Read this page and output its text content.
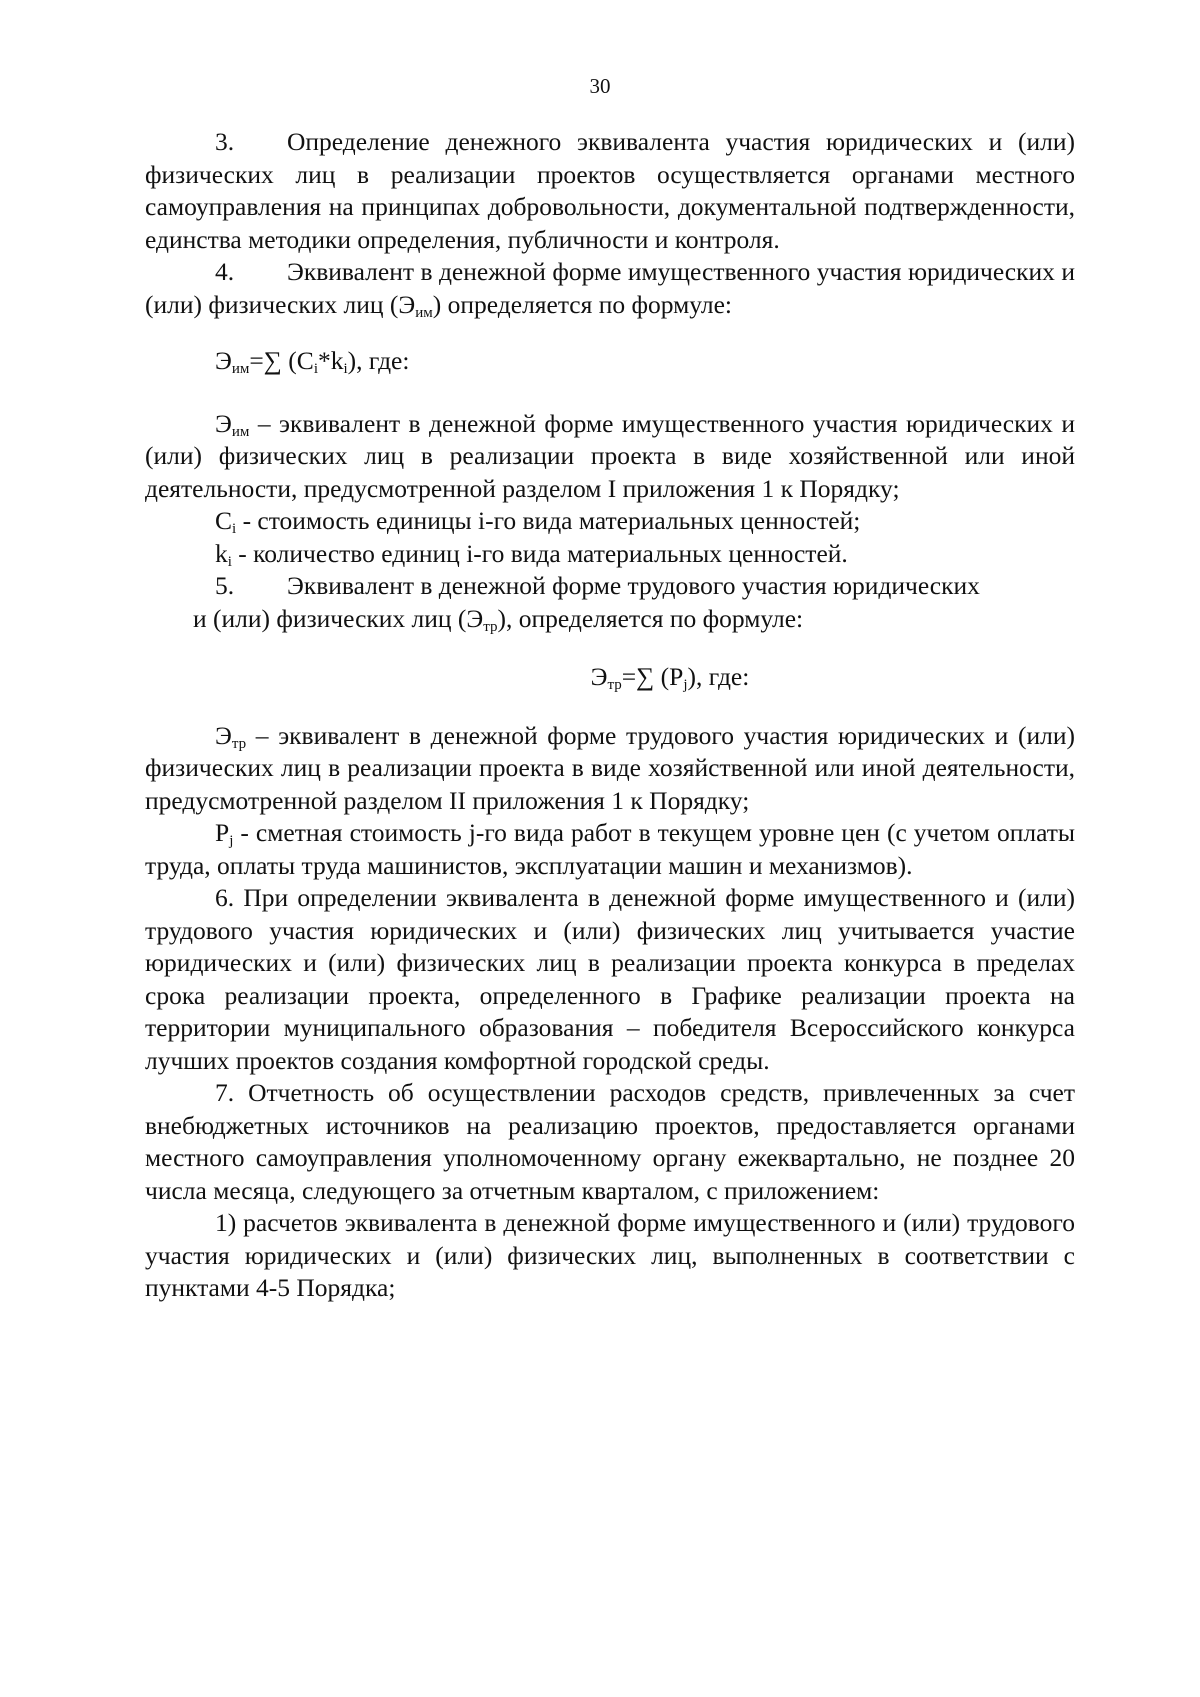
30

3. Определение денежного эквивалента участия юридических и (или) физических лиц в реализации проектов осуществляется органами местного самоуправления на принципах добровольности, документальной подтвержденности, единства методики определения, публичности и контроля.

4. Эквивалент в денежной форме имущественного участия юридических и (или) физических лиц $(Э_{им})$ определяется по формуле:

$Э_{им}=\sum$ $(C_i*k_i)$, где:

$Э_{им}$ – эквивалент в денежной форме имущественного участия юридических и (или) физических лиц в реализации проекта в виде хозяйственной или иной деятельности, предусмотренной разделом I приложения 1 к Порядку;

$C_i$ - стоимость единицы i-го вида материальных ценностей;

$k_i$ - количество единиц i-го вида материальных ценностей.

5. Эквивалент в денежной форме трудового участия юридических

и (или) физических лиц $(Э_{тр})$, определяется по формуле:

$Э_{тр}=\sum$ $(P_j)$, где:

$Э_{тр}$ – эквивалент в денежной форме трудового участия юридических и (или) физических лиц в реализации проекта в виде хозяйственной или иной деятельности, предусмотренной разделом II приложения 1 к Порядку;

$P_j$ - сметная стоимость j-го вида работ в текущем уровне цен (с учетом оплаты труда, оплаты труда машинистов, эксплуатации машин и механизмов).

6. При определении эквивалента в денежной форме имущественного и (или) трудового участия юридических и (или) физических лиц учитывается участие юридических и (или) физических лиц в реализации проекта конкурса в пределах срока реализации проекта, определенного в Графике реализации проекта на территории муниципального образования – победителя Всероссийского конкурса лучших проектов создания комфортной городской среды.

7. Отчетность об осуществлении расходов средств, привлеченных за счет внебюджетных источников на реализацию проектов, предоставляется органами местного самоуправления уполномоченному органу ежеквартально, не позднее 20 числа месяца, следующего за отчетным кварталом, с приложением:

1) расчетов эквивалента в денежной форме имущественного и (или) трудового участия юридических и (или) физических лиц, выполненных в соответствии с пунктами 4-5 Порядка;
